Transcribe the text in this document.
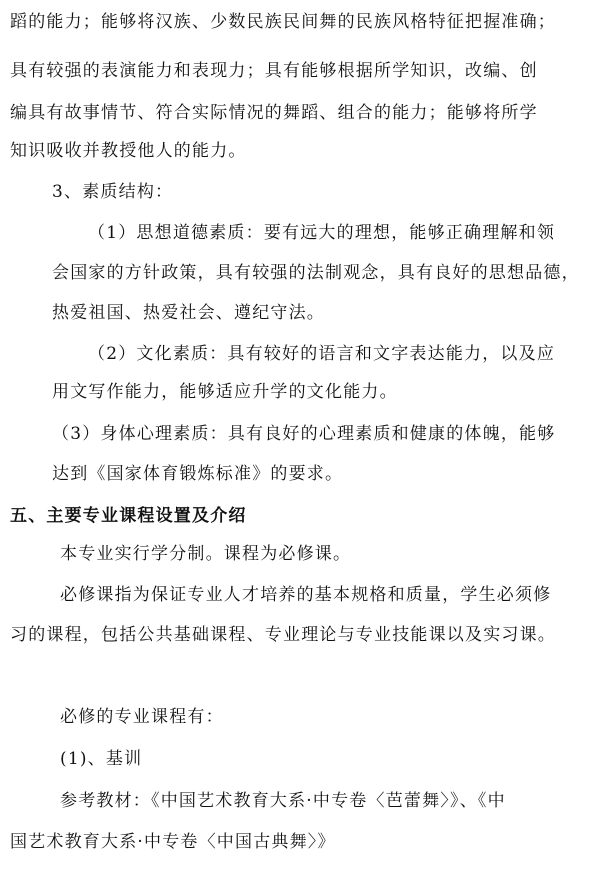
蹈的能力；能够将汉族、少数民族民间舞的民族风格特征把握准确；
具有较强的表演能力和表现力；具有能够根据所学知识，改编、创
编具有故事情节、符合实际情况的舞蹈、组合的能力；能够将所学
知识吸收并教授他人的能力。
3、素质结构：
（1）思想道德素质：要有远大的理想，能够正确理解和领
会国家的方针政策，具有较强的法制观念，具有良好的思想品德，
热爱祖国、热爱社会、遵纪守法。
（2）文化素质：具有较好的语言和文字表达能力，以及应
用文写作能力，能够适应升学的文化能力。
（3）身体心理素质：具有良好的心理素质和健康的体魄，能够
达到《国家体育锻炼标准》的要求。
五、主要专业课程设置及介绍
本专业实行学分制。课程为必修课。
必修课指为保证专业人才培养的基本规格和质量，学生必须修
习的课程，包括公共基础课程、专业理论与专业技能课以及实习课。
必修的专业课程有：
(1)、基训
参考教材：《中国艺术教育大系·中专卷〈芭蕾舞〉》、《中
国艺术教育大系·中专卷〈中国古典舞〉》
